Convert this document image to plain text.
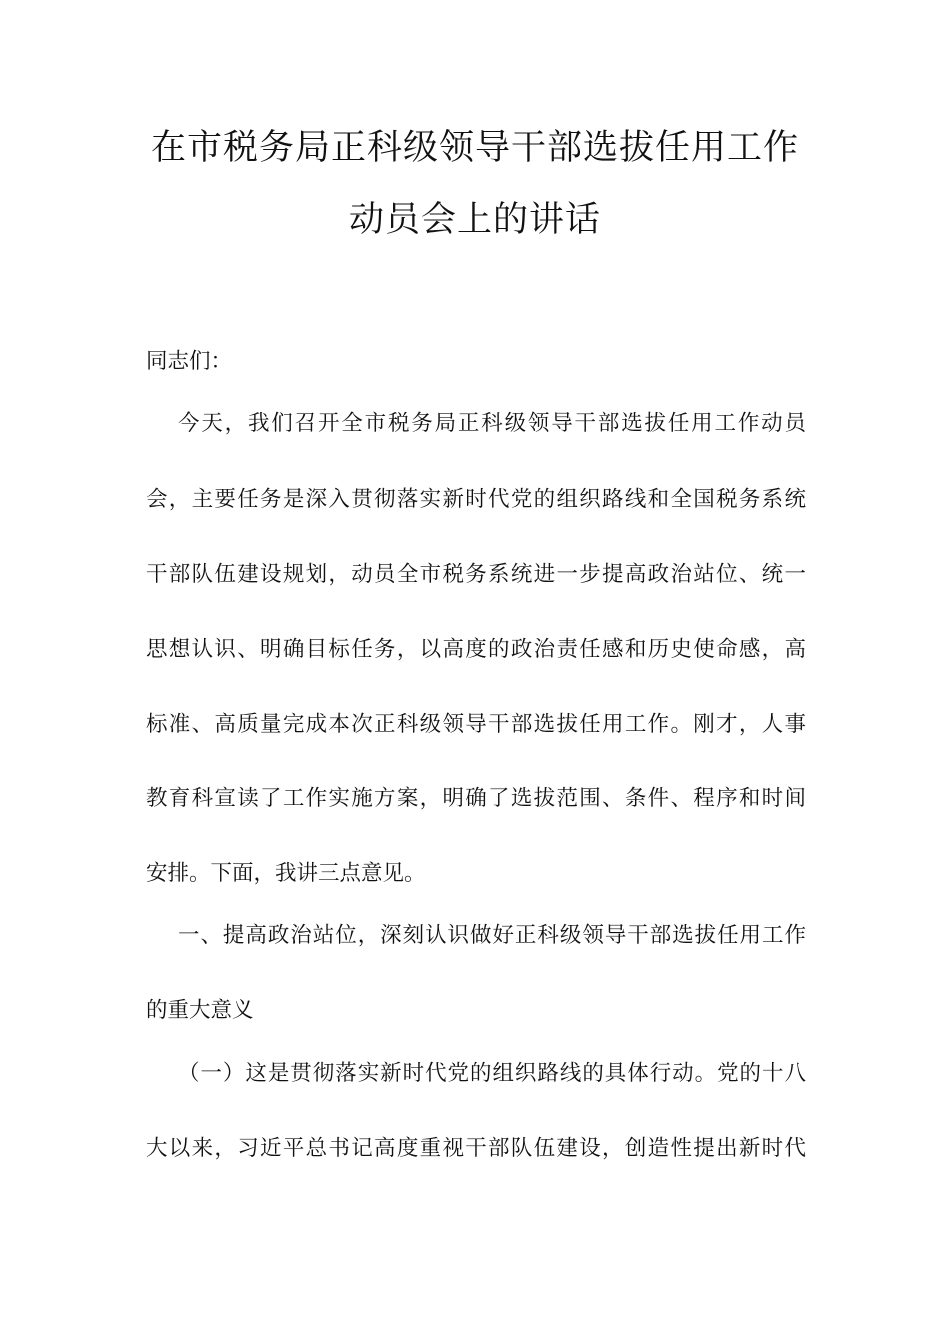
在市税务局正科级领导干部选拔任用工作
动员会上的讲话
同志们：
今天，我们召开全市税务局正科级领导干部选拔任用工作动员
会，主要任务是深入贯彻落实新时代党的组织路线和全国税务系统
干部队伍建设规划，动员全市税务系统进一步提高政治站位、统一
思想认识、明确目标任务，以高度的政治责任感和历史使命感，高
标准、高质量完成本次正科级领导干部选拔任用工作。刚才，人事
教育科宣读了工作实施方案，明确了选拔范围、条件、程序和时间
安排。下面，我讲三点意见。
一、提高政治站位，深刻认识做好正科级领导干部选拔任用工作
的重大意义
（一）这是贯彻落实新时代党的组织路线的具体行动。党的十八
大以来，习近平总书记高度重视干部队伍建设，创造性提出新时代
